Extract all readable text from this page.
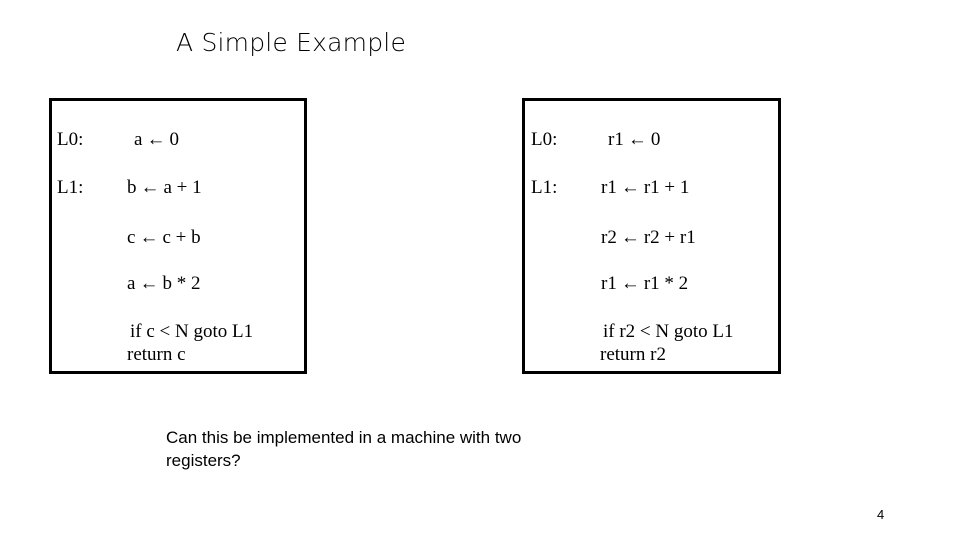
A Simple Example
L0:	a ← 0
L1: b ← a + 1
c ← c + b
a ← b * 2
if c < N goto L1
return c
L0:	r1 ← 0
L1: r1 ← r1 + 1
r2 ← r2 + r1
r1 ← r1 * 2
if r2 < N goto L1
return r2
Can this be implemented in a machine with two registers?
4
